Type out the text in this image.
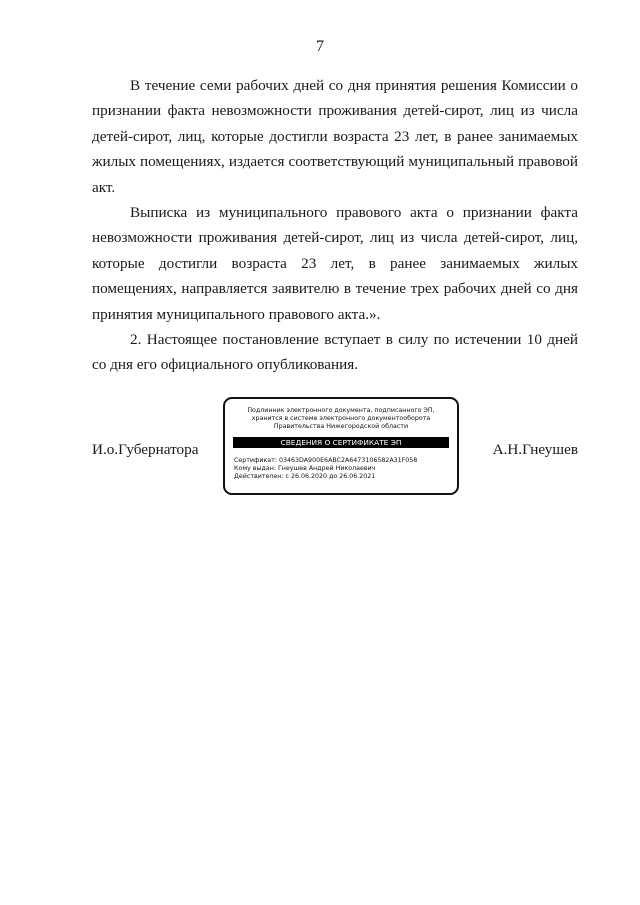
7

В течение семи рабочих дней со дня принятия решения Комиссии о признании факта невозможности проживания детей-сирот, лиц из числа детей-сирот, лиц, которые достигли возраста 23 лет, в ранее занимаемых жилых помещениях, издается соответствующий муниципальный правовой акт.

Выписка из муниципального правового акта о признании факта невозможности проживания детей-сирот, лиц из числа детей-сирот, лиц, которые достигли возраста 23 лет, в ранее занимаемых жилых помещениях, направляется заявителю в течение трех рабочих дней со дня принятия муниципального правового акта.».

2. Настоящее постановление вступает в силу по истечении 10 дней со дня его официального опубликования.

И.о.Губернатора
Подлинник электронного документа, подписанного ЭП,
хранится в системе электронного документооборота
Правительства Нижегородской области
СВЕДЕНИЯ О СЕРТИФИКАТЕ ЭП
Сертификат: 03463DA900E6ABC2A6473106582A31F058
Кому выдан: Гнеушев Андрей Николаевич
Действителен: с 26.06.2020 до 26.06.2021
А.Н.Гнеушев
